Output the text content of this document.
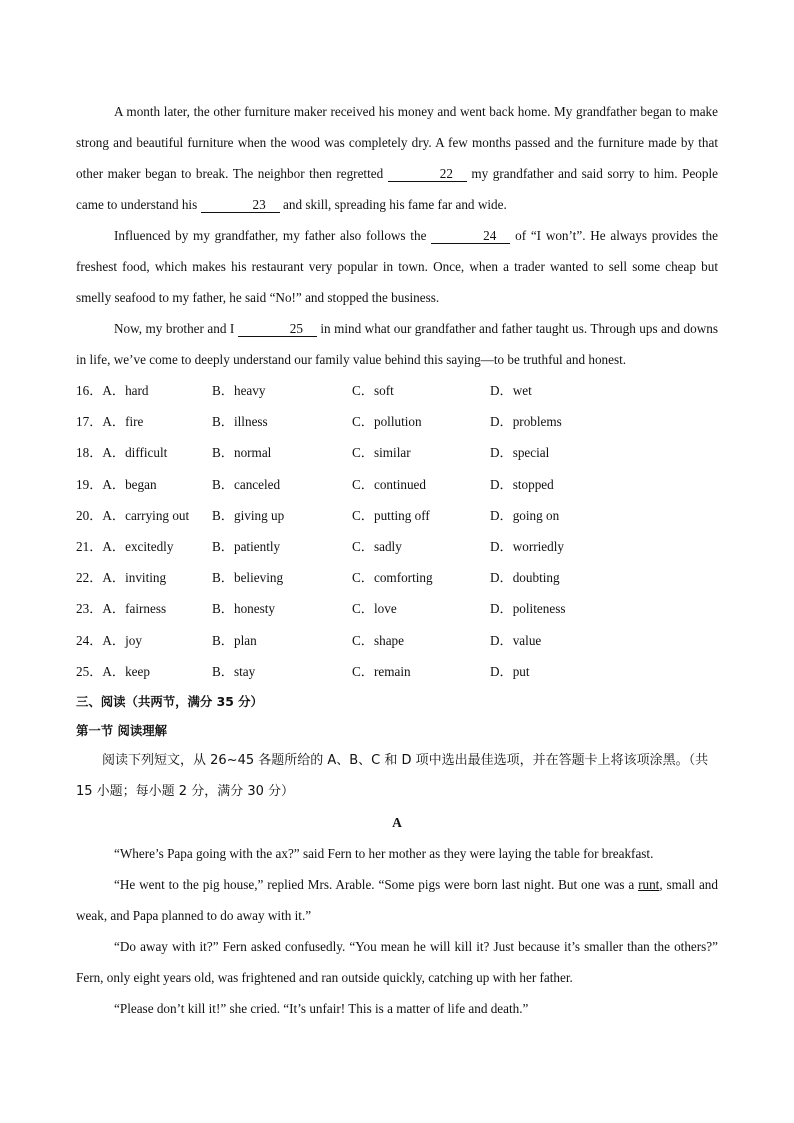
A month later, the other furniture maker received his money and went back home. My grandfather began to make strong and beautiful furniture when the wood was completely dry. A few months passed and the furniture made by that other maker began to break. The neighbor then regretted	22 my grandfather and said sorry to him. People came to understand his	23 and skill, spreading his fame far and wide.

Influenced by my grandfather, my father also follows the	24 of “I won’t”. He always provides the freshest food, which makes his restaurant very popular in town. Once, when a trader wanted to sell some cheap but smelly seafood to my father, he said “No!” and stopped the business.

Now, my brother and I	25 in mind what our grandfather and father taught us. Through ups and downs in life, we’ve come to deeply understand our family value behind this saying—to be truthful and honest.

16．A．hard	B．heavy	C．soft	D．wet
17．A．fire	B．illness	C．pollution	D．problems
18．A．difficult	B．normal	C．similar	D．special
19．A．began	B．canceled	C．continued	D．stopped
20．A．carrying out B．giving up	C．putting off	D．going on
21．A．excitedly	B．patiently	C．sadly	D．worriedly
22．A．inviting	B．believing	C．comforting	D．doubting
23．A．fairness	B．honesty	C．love	D．politeness
24．A．joy	B．plan	C．shape	D．value
25．A．keep	B．stay	C．remain	D．put
三、阅读（共两节，满分 35 分）
第一节 阅读理解

阅读下列短文，从 26~45 各题所给的 A、B、C 和 D 项中选出最佳选项，并在答题卡上将该项涂黑。（共 15 小题；每小题 2 分，满分 30 分）

A

“Where’s Papa going with the ax?” said Fern to her mother as they were laying the table for breakfast.

“He went to the pig house,” replied Mrs. Arable. “Some pigs were born last night. But one was a runt, small and weak, and Papa planned to do away with it.”

“Do away with it?” Fern asked confusedly. “You mean he will kill it? Just because it’s smaller than the others?” Fern, only eight years old, was frightened and ran outside quickly, catching up with her father.

“Please don’t kill it!” she cried. “It’s unfair! This is a matter of life and death.”
